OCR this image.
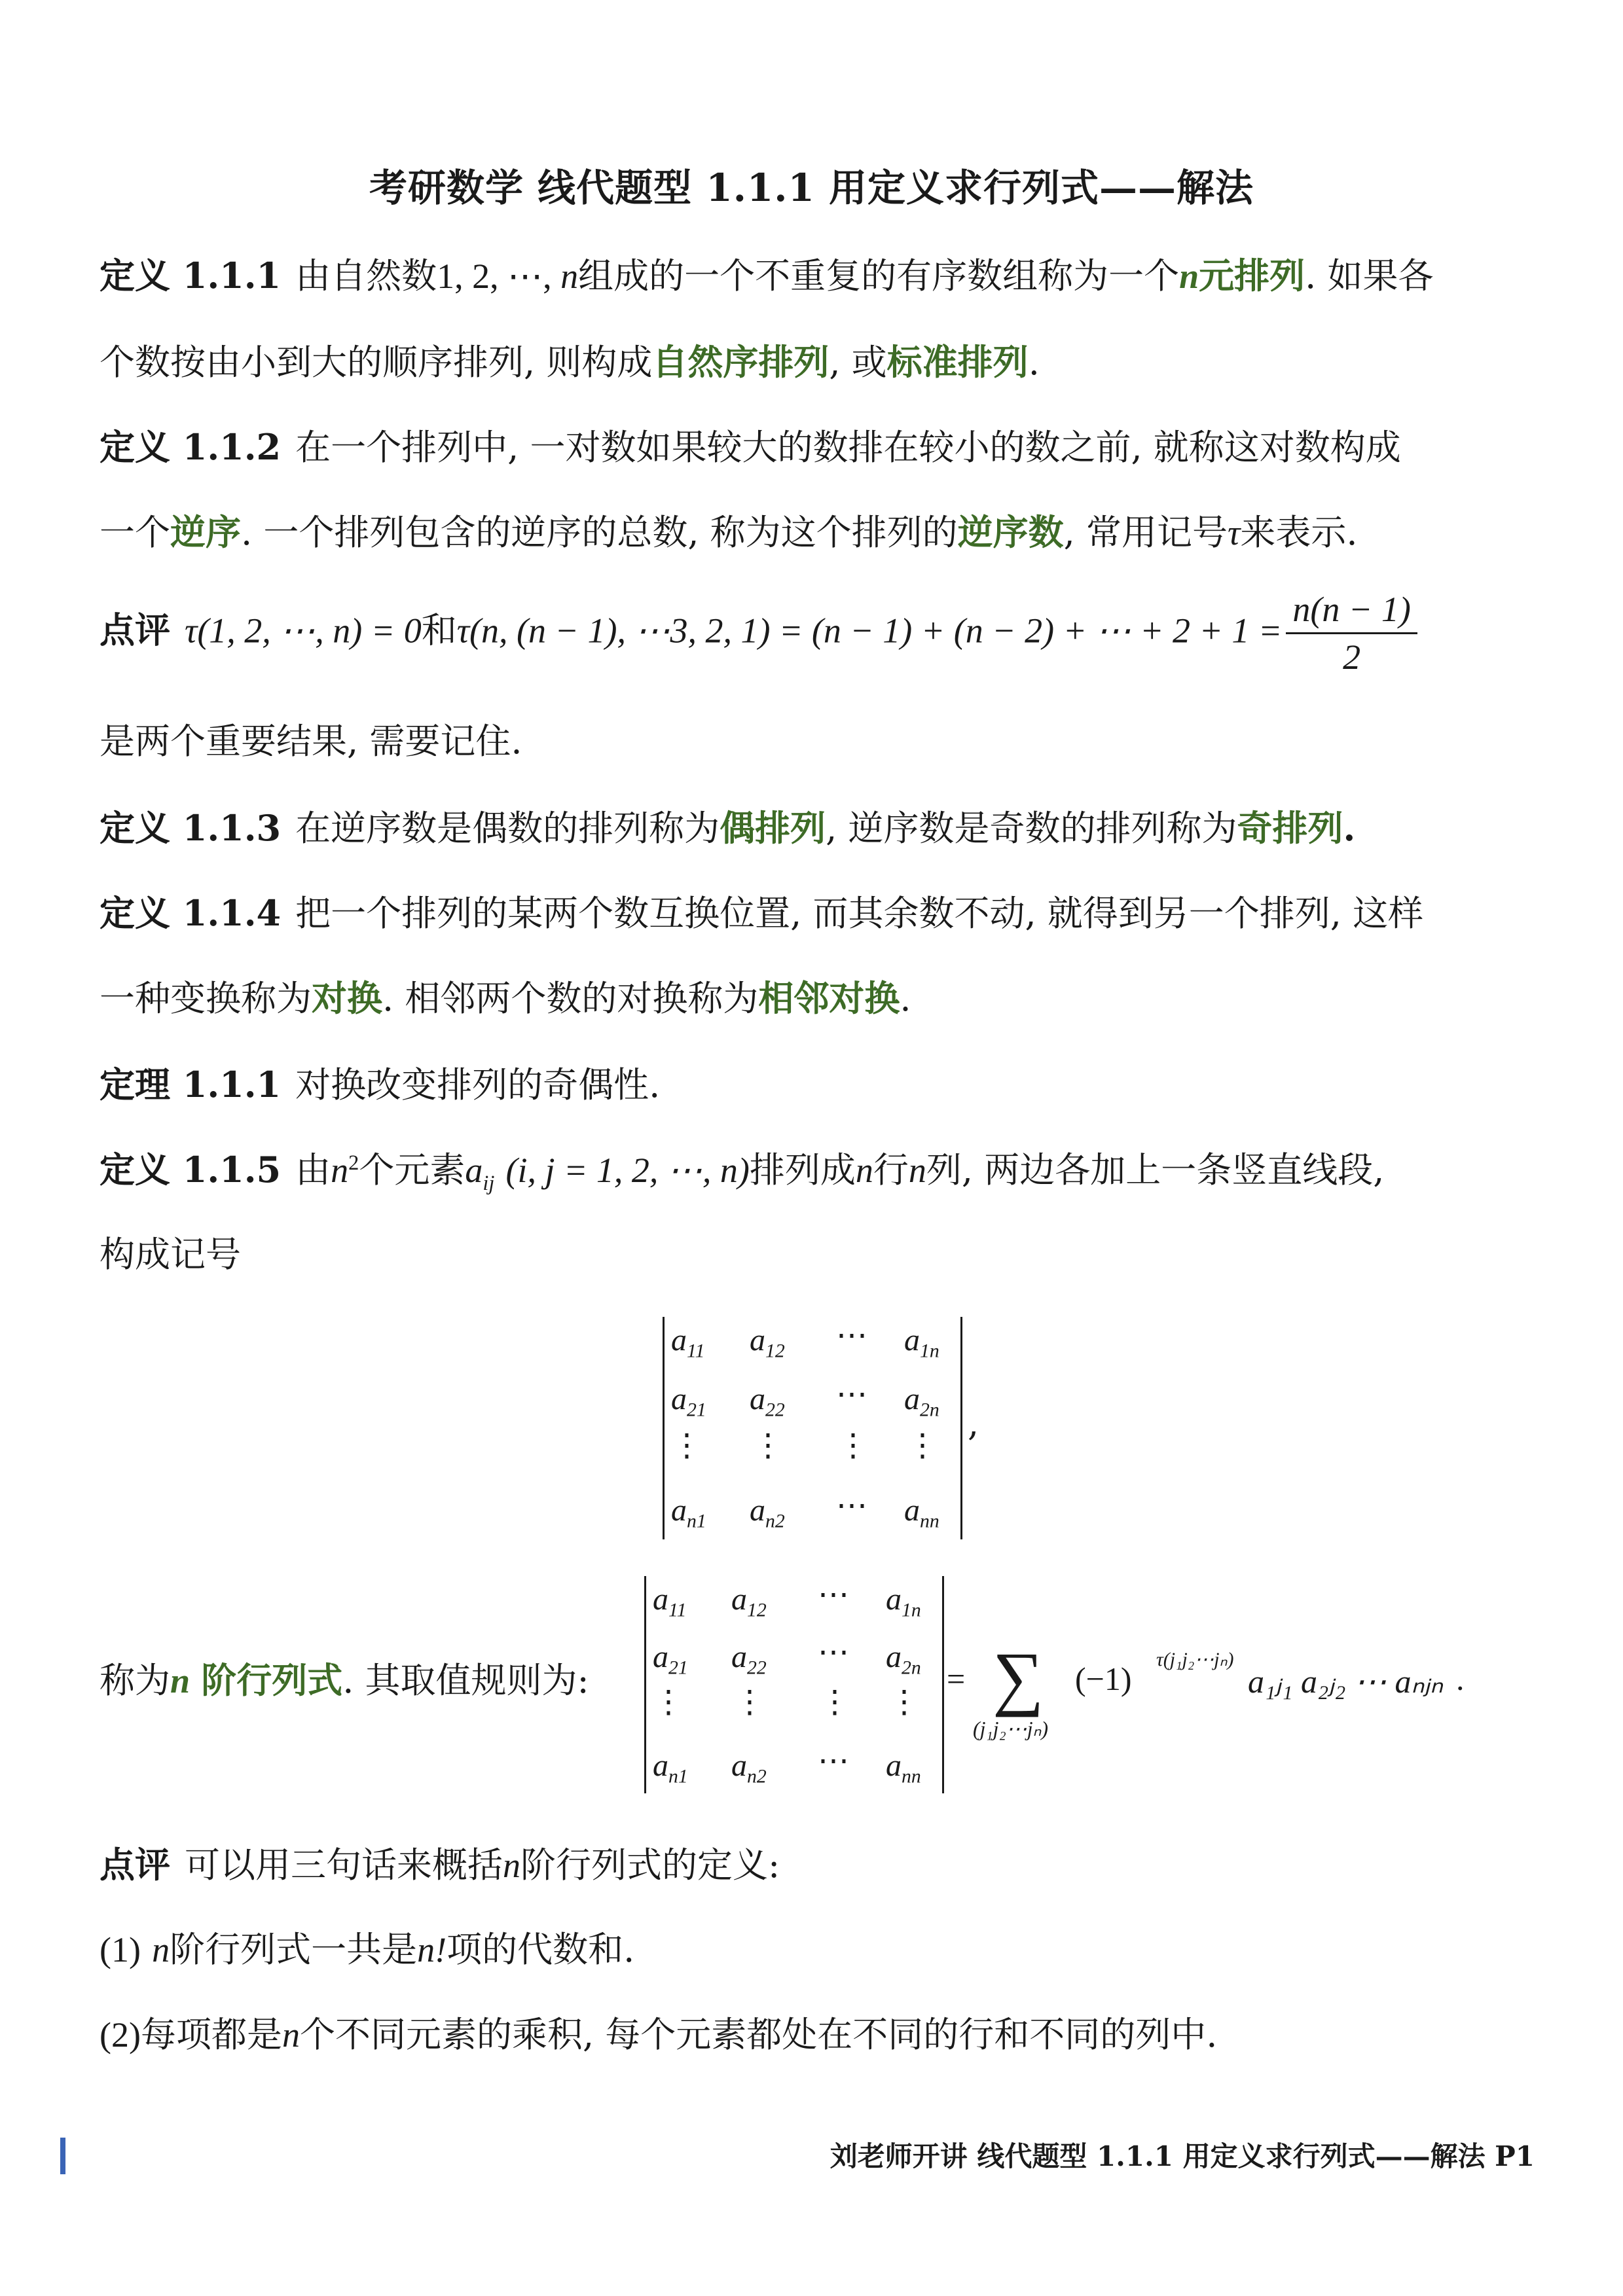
考研数学 线代题型 1.1.1 用定义求行列式——解法
定义 1.1.1 由自然数1, 2, ⋯, n组成的一个不重复的有序数组称为一个n元排列. 如果各
个数按由小到大的顺序排列, 则构成自然序排列, 或标准排列.
定义 1.1.2 在一个排列中, 一对数如果较大的数排在较小的数之前, 就称这对数构成
一个逆序. 一个排列包含的逆序的总数, 称为这个排列的逆序数, 常用记号τ来表示.
点评 τ(1, 2, ⋯, n) = 0和τ(n, (n − 1), ⋯3, 2, 1) = (n − 1) + (n − 2) + ⋯ + $2 + 1 = \frac{n(n - 1)}{2}$
是两个重要结果, 需要记住.
定义 1.1.3 在逆序数是偶数的排列称为偶排列, 逆序数是奇数的排列称为奇排列.
定义 1.1.4 把一个排列的某两个数互换位置, 而其余数不动, 就得到另一个排列, 这样
一种变换称为对换. 相邻两个数的对换称为相邻对换.
定理 1.1.1 对换改变排列的奇偶性.
定义 1.1.5 由$n^2$个元素$a_{ij}$ (i, j = 1, 2, ⋯, n)排列成n行n列, 两边各加上一条竖直线段,
构成记号
$a_{11}$ $a_{12}$ ⋯ $a_{1n}$
$a_{21}$ $a_{22}$ ⋯ $a_{2n}$
⋮ ⋮ ⋮ ⋮
$a_{n1}$ $a_{n2}$ ⋯ $a_{nn}$
,
称为n 阶行列式. 其取值规则为:
$a_{11}$ $a_{12}$ ⋯ $a_{1n}$
$a_{21}$ $a_{22}$ ⋯ $a_{2n}$
⋮ ⋮ ⋮ ⋮
$a_{n1}$ $a_{n2}$ ⋯ $a_{nn}$
= ∑
(j₁j₂⋯jₙ)
(−1)
τ(j₁j₂⋯jₙ)
a₁ⱼ₁ a₂ⱼ₂ ⋯ aₙⱼₙ .
点评 可以用三句话来概括n阶行列式的定义:
(1) n阶行列式一共是n!项的代数和.
(2)每项都是n个不同元素的乘积, 每个元素都处在不同的行和不同的列中.
刘老师开讲 线代题型 1.1.1 用定义求行列式——解法 P1
